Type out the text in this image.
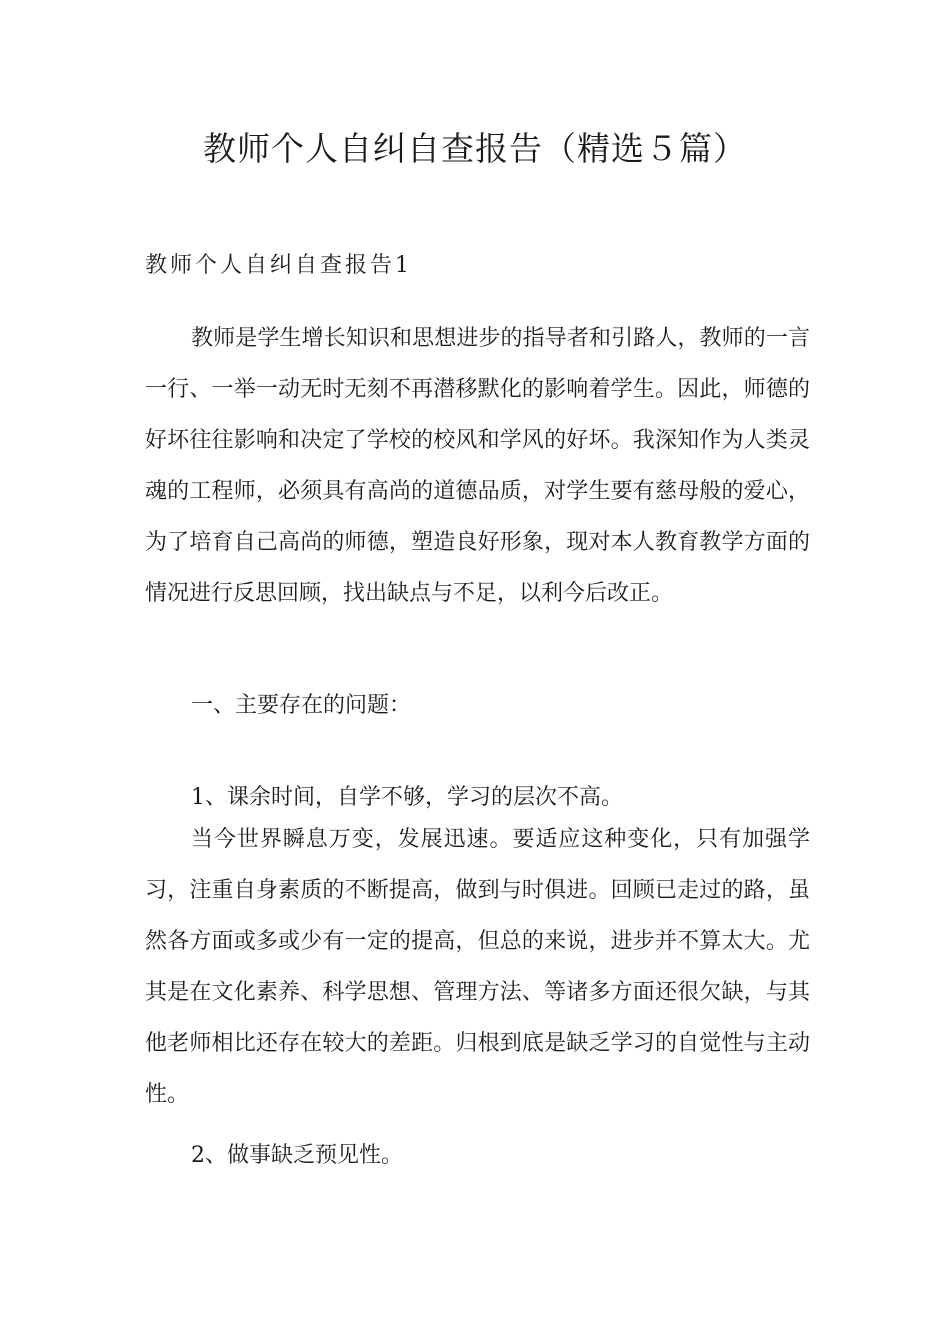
教师个人自纠自查报告（精选５篇）
教师个人自纠自查报告1

教师是学生增长知识和思想进步的指导者和引路人，教师的一言一行、一举一动无时无刻不再潜移默化的影响着学生。因此，师德的好坏往往影响和决定了学校的校风和学风的好坏。我深知作为人类灵魂的工程师，必须具有高尚的道德品质，对学生要有慈母般的爱心，为了培育自己高尚的师德，塑造良好形象，现对本人教育教学方面的情况进行反思回顾，找出缺点与不足，以利今后改正。

一、主要存在的问题：

1、课余时间，自学不够，学习的层次不高。

当今世界瞬息万变，发展迅速。要适应这种变化，只有加强学习，注重自身素质的不断提高，做到与时俱进。回顾已走过的路，虽然各方面或多或少有一定的提高，但总的来说，进步并不算太大。尤其是在文化素养、科学思想、管理方法、等诸多方面还很欠缺，与其他老师相比还存在较大的差距。归根到底是缺乏学习的自觉性与主动性。

2、做事缺乏预见性。
